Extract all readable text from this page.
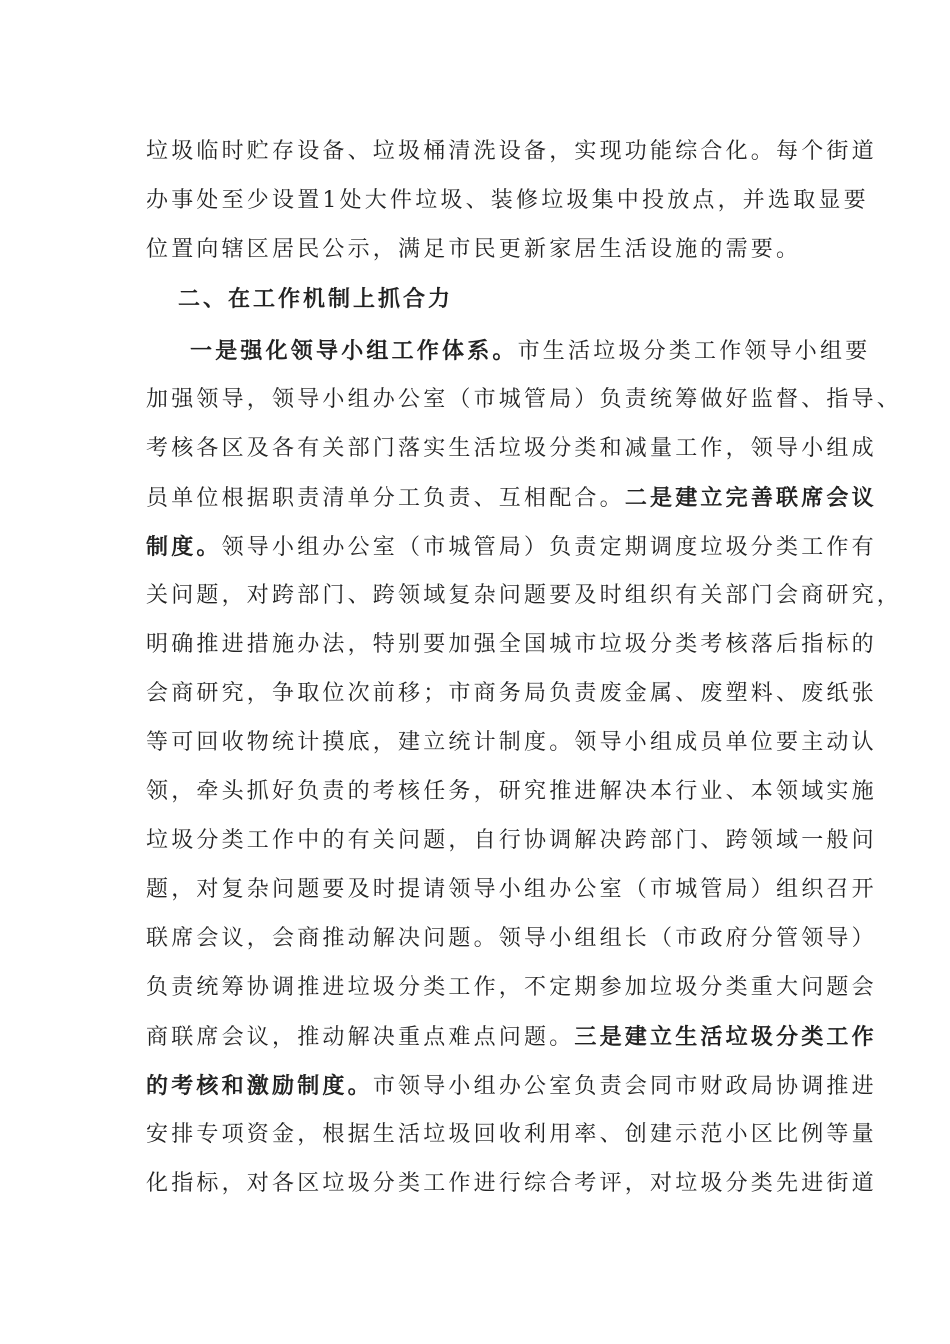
垃圾临时贮存设备、垃圾桶清洗设备，实现功能综合化。每个街道
办事处至少设置1处大件垃圾、装修垃圾集中投放点，并选取显要
位置向辖区居民公示，满足市民更新家居生活设施的需要。
二、在工作机制上抓合力
一是强化领导小组工作体系。市生活垃圾分类工作领导小组要
加强领导，领导小组办公室（市城管局）负责统筹做好监督、指导、
考核各区及各有关部门落实生活垃圾分类和减量工作，领导小组成
员单位根据职责清单分工负责、互相配合。二是建立完善联席会议
制度。领导小组办公室（市城管局）负责定期调度垃圾分类工作有
关问题，对跨部门、跨领域复杂问题要及时组织有关部门会商研究，
明确推进措施办法，特别要加强全国城市垃圾分类考核落后指标的
会商研究，争取位次前移；市商务局负责废金属、废塑料、废纸张
等可回收物统计摸底，建立统计制度。领导小组成员单位要主动认
领，牵头抓好负责的考核任务，研究推进解决本行业、本领域实施
垃圾分类工作中的有关问题，自行协调解决跨部门、跨领域一般问
题，对复杂问题要及时提请领导小组办公室（市城管局）组织召开
联席会议，会商推动解决问题。领导小组组长（市政府分管领导）
负责统筹协调推进垃圾分类工作，不定期参加垃圾分类重大问题会
商联席会议，推动解决重点难点问题。三是建立生活垃圾分类工作
的考核和激励制度。市领导小组办公室负责会同市财政局协调推进
安排专项资金，根据生活垃圾回收利用率、创建示范小区比例等量
化指标，对各区垃圾分类工作进行综合考评，对垃圾分类先进街道
